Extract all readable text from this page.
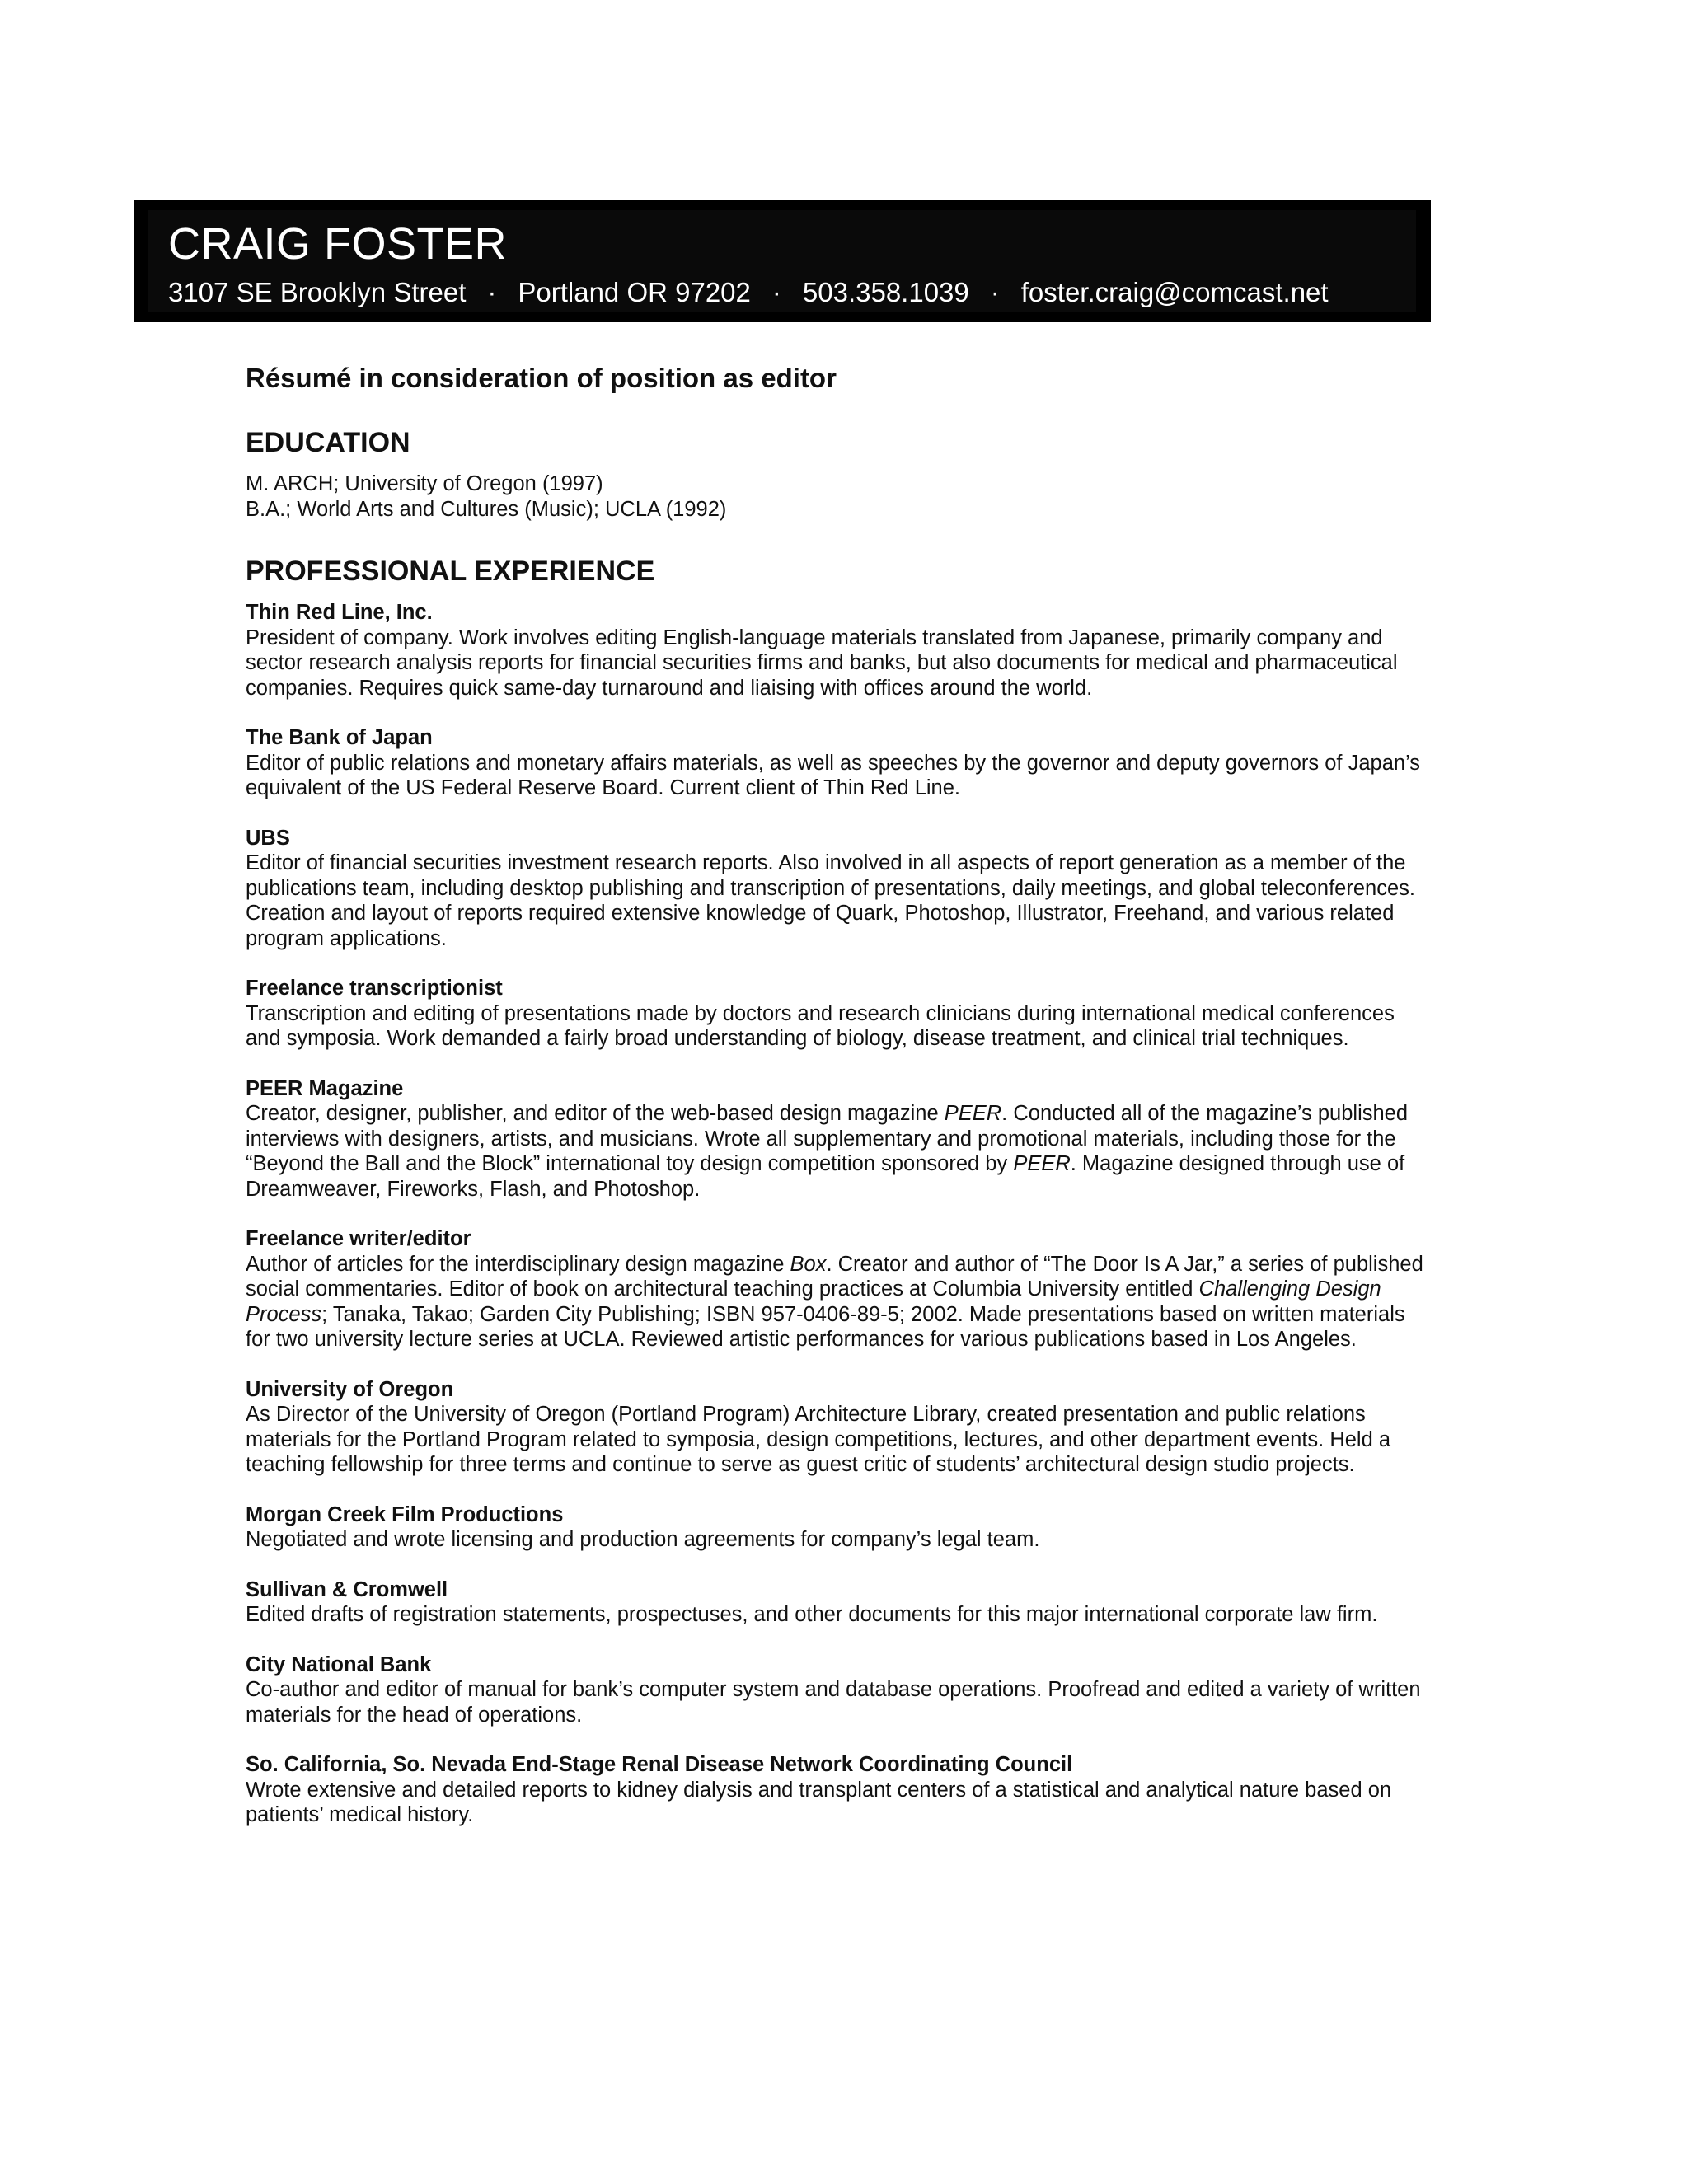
CRAIG FOSTER
3107 SE Brooklyn Street · Portland OR 97202 · 503.358.1039 · foster.craig@comcast.net
Résumé in consideration of position as editor
EDUCATION

M. ARCH; University of Oregon (1997)

B.A.; World Arts and Cultures (Music); UCLA (1992)

PROFESSIONAL EXPERIENCE

Thin Red Line, Inc.

President of company. Work involves editing English-language materials translated from Japanese, primarily company and sector research analysis reports for financial securities firms and banks, but also documents for medical and pharmaceutical companies. Requires quick same-day turnaround and liaising with offices around the world.

The Bank of Japan

Editor of public relations and monetary affairs materials, as well as speeches by the governor and deputy governors of Japan’s equivalent of the US Federal Reserve Board. Current client of Thin Red Line.

UBS

Editor of financial securities investment research reports. Also involved in all aspects of report generation as a member of the publications team, including desktop publishing and transcription of presentations, daily meetings, and global teleconferences. Creation and layout of reports required extensive knowledge of Quark, Photoshop, Illustrator, Freehand, and various related program applications.

Freelance transcriptionist

Transcription and editing of presentations made by doctors and research clinicians during international medical conferences and symposia. Work demanded a fairly broad understanding of biology, disease treatment, and clinical trial techniques.

PEER Magazine

Creator, designer, publisher, and editor of the web-based design magazine PEER. Conducted all of the magazine’s published interviews with designers, artists, and musicians. Wrote all supplementary and promotional materials, including those for the “Beyond the Ball and the Block” international toy design competition sponsored by PEER. Magazine designed through use of Dreamweaver, Fireworks, Flash, and Photoshop.

Freelance writer/editor

Author of articles for the interdisciplinary design magazine Box. Creator and author of “The Door Is A Jar,” a series of published social commentaries. Editor of book on architectural teaching practices at Columbia University entitled Challenging Design Process; Tanaka, Takao; Garden City Publishing; ISBN 957-0406-89-5; 2002. Made presentations based on written materials for two university lecture series at UCLA. Reviewed artistic performances for various publications based in Los Angeles.

University of Oregon

As Director of the University of Oregon (Portland Program) Architecture Library, created presentation and public relations materials for the Portland Program related to symposia, design competitions, lectures, and other department events. Held a teaching fellowship for three terms and continue to serve as guest critic of students’ architectural design studio projects.

Morgan Creek Film Productions

Negotiated and wrote licensing and production agreements for company’s legal team.

Sullivan & Cromwell

Edited drafts of registration statements, prospectuses, and other documents for this major international corporate law firm.

City National Bank

Co-author and editor of manual for bank’s computer system and database operations. Proofread and edited a variety of written materials for the head of operations.

So. California, So. Nevada End-Stage Renal Disease Network Coordinating Council

Wrote extensive and detailed reports to kidney dialysis and transplant centers of a statistical and analytical nature based on patients’ medical history.
